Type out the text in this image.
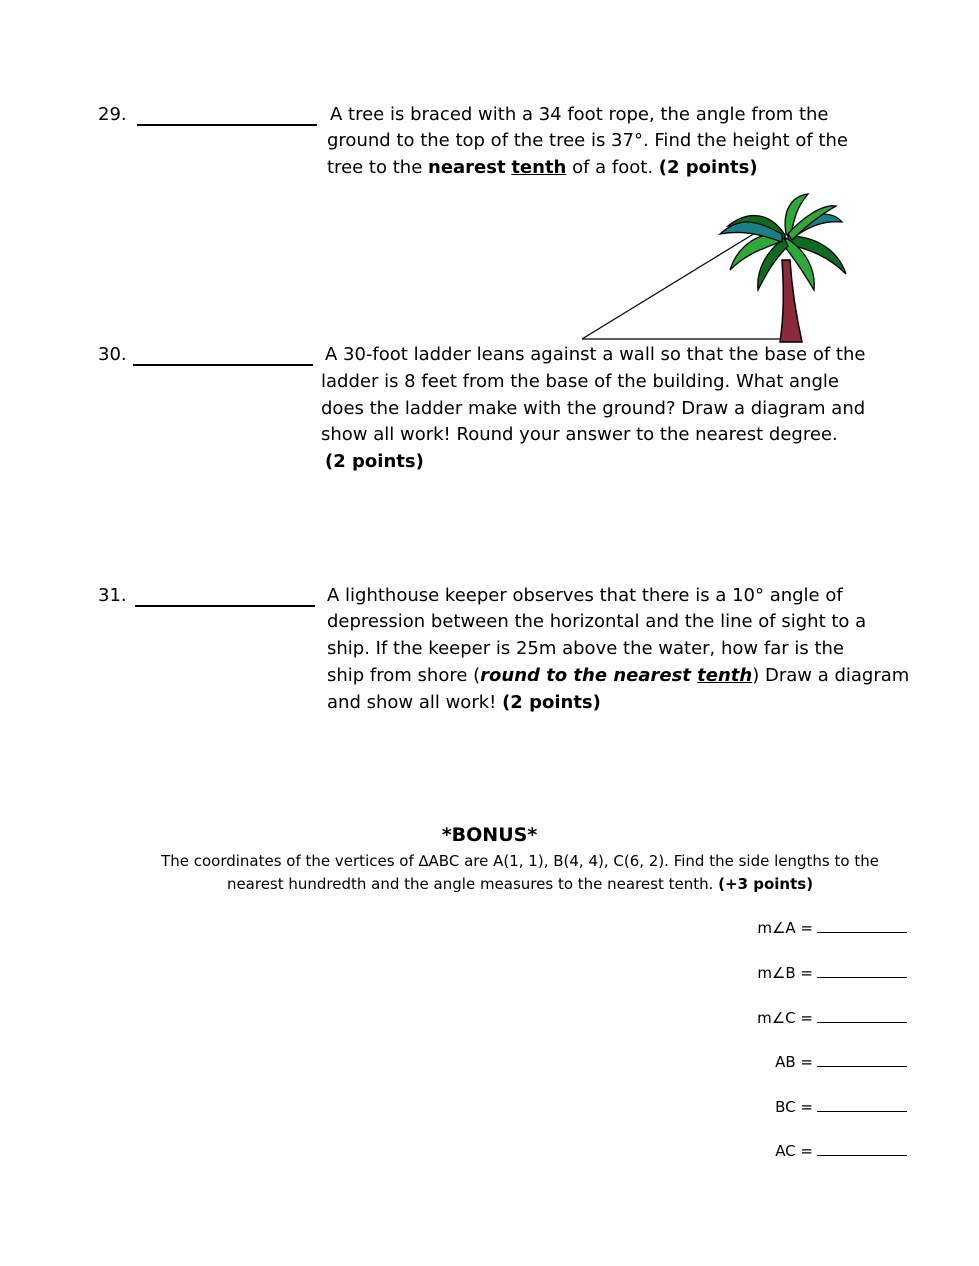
29.	A tree is braced with a 34 foot rope, the angle from the
ground to the top of the tree is 37°. Find the height of the
tree to the nearest tenth of a foot. (2 points)
30.	A 30-foot ladder leans against a wall so that the base of the
ladder is 8 feet from the base of the building. What angle
does the ladder make with the ground? Draw a diagram and
show all work! Round your answer to the nearest degree.
(2 points)
31.	A lighthouse keeper observes that there is a 10° angle of
depression between the horizontal and the line of sight to a
ship. If the keeper is 25m above the water, how far is the
ship from shore (round to the nearest tenth) Draw a diagram
and show all work! (2 points)
*BONUS*
The coordinates of the vertices of ∆ABC are A(1, 1), B(4, 4), C(6, 2). Find the side lengths to the
nearest hundredth and the angle measures to the nearest tenth. (+3 points)
m∠A =
m∠B =
m∠C =
AB =
BC =
AC =
